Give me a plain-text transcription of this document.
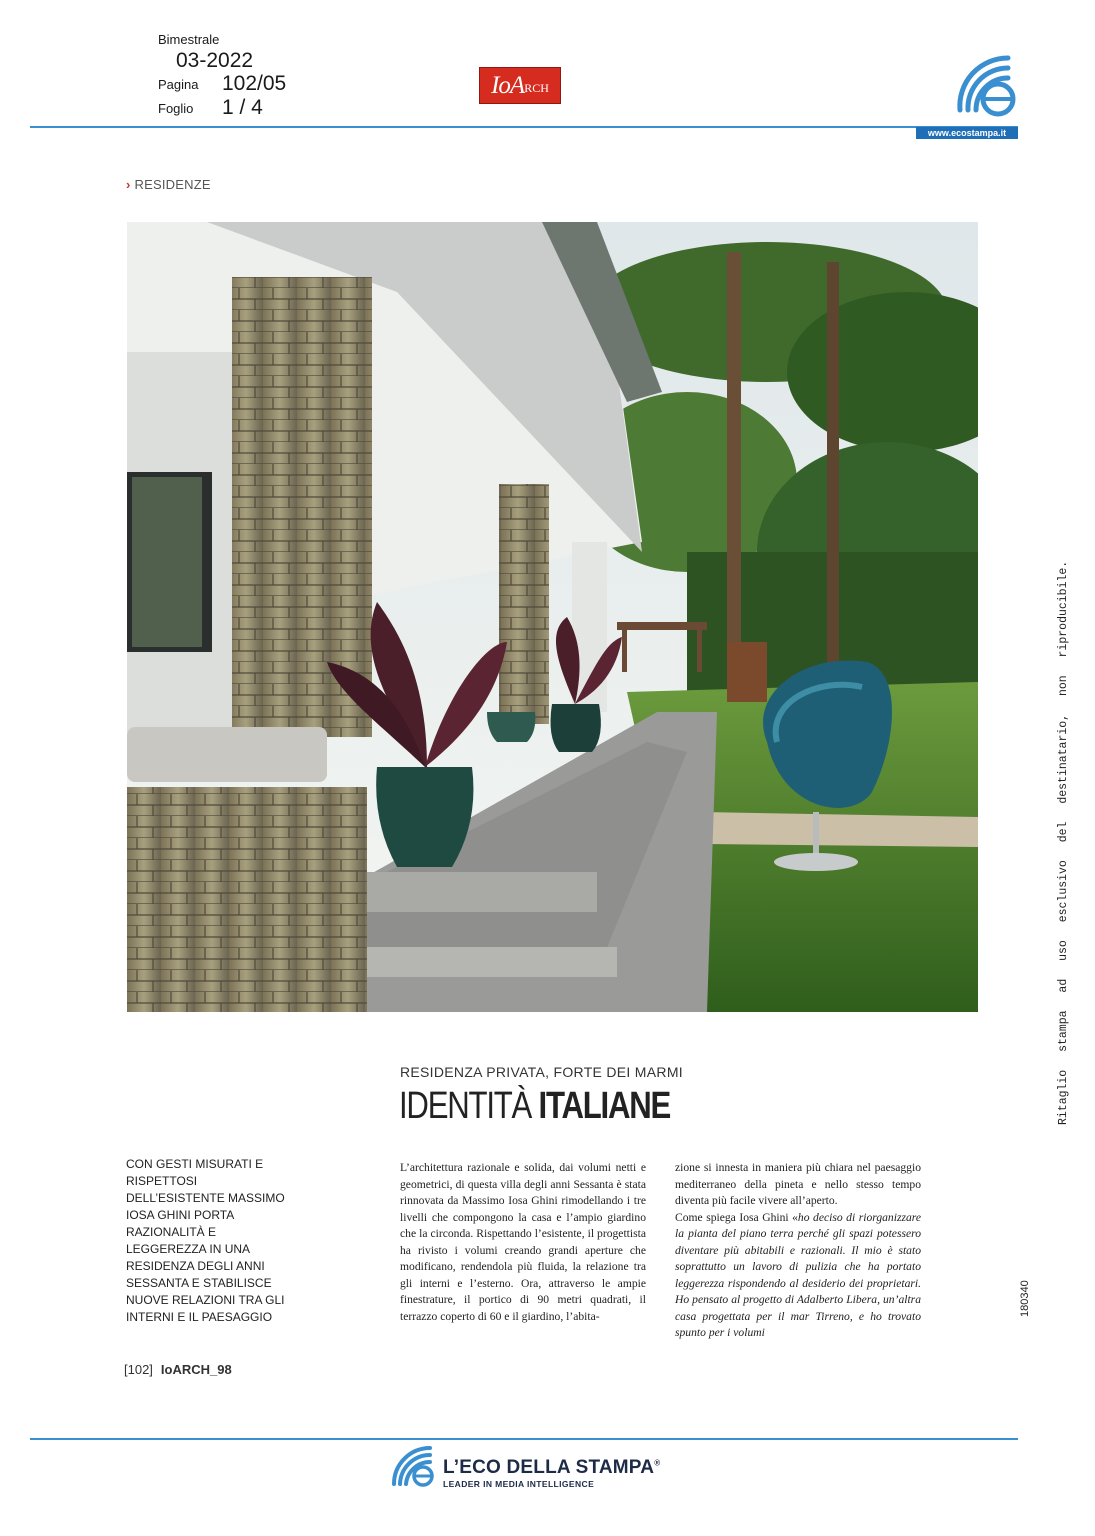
Bimestrale
03-2022
Pagina 102/05
Foglio 1 / 4
IoA RCH
www.ecostampa.it
› RESIDENZE
RESIDENZA PRIVATA, FORTE DEI MARMI
IDENTITÀ ITALIANE
CON GESTI MISURATI E RISPETTOSI DELL’ESISTENTE MASSIMO IOSA GHINI PORTA RAZIONALITÀ E LEGGEREZZA IN UNA RESIDENZA DEGLI ANNI SESSANTA E STABILISCE NUOVE RELAZIONI TRA GLI INTERNI E IL PAESAGGIO

L’architettura razionale e solida, dai volumi netti e geometrici, di questa villa degli anni Sessanta è stata rinnovata da Massimo Iosa Ghini rimodellando i tre livelli che compongono la casa e l’ampio giardino che la circonda. Rispettando l’esistente, il progettista ha rivisto i volumi creando grandi aperture che modificano, rendendola più fluida, la relazione tra gli interni e l’esterno. Ora, attraverso le ampie finestrature, il portico di 90 metri quadrati, il terrazzo coperto di 60 e il giardino, l’abita-

zione si innesta in maniera più chiara nel paesaggio mediterraneo della pineta e nello stesso tempo diventa più facile vivere all’aperto.

Come spiega Iosa Ghini «ho deciso di riorganizzare la pianta del piano terra perché gli spazi potessero diventare più abitabili e razionali. Il mio è stato soprattutto un lavoro di pulizia che ha portato leggerezza rispondendo al desiderio dei proprietari. Ho pensato al progetto di Adalberto Libera, un’altra casa progettata per il mar Tirreno, e ho trovato spunto per i volumi

[102] IoARCH_98
Ritaglio stampa ad uso esclusivo del destinatario, non riproducibile.
180340
L’ECO DELLA STAMPA®
LEADER IN MEDIA INTELLIGENCE
